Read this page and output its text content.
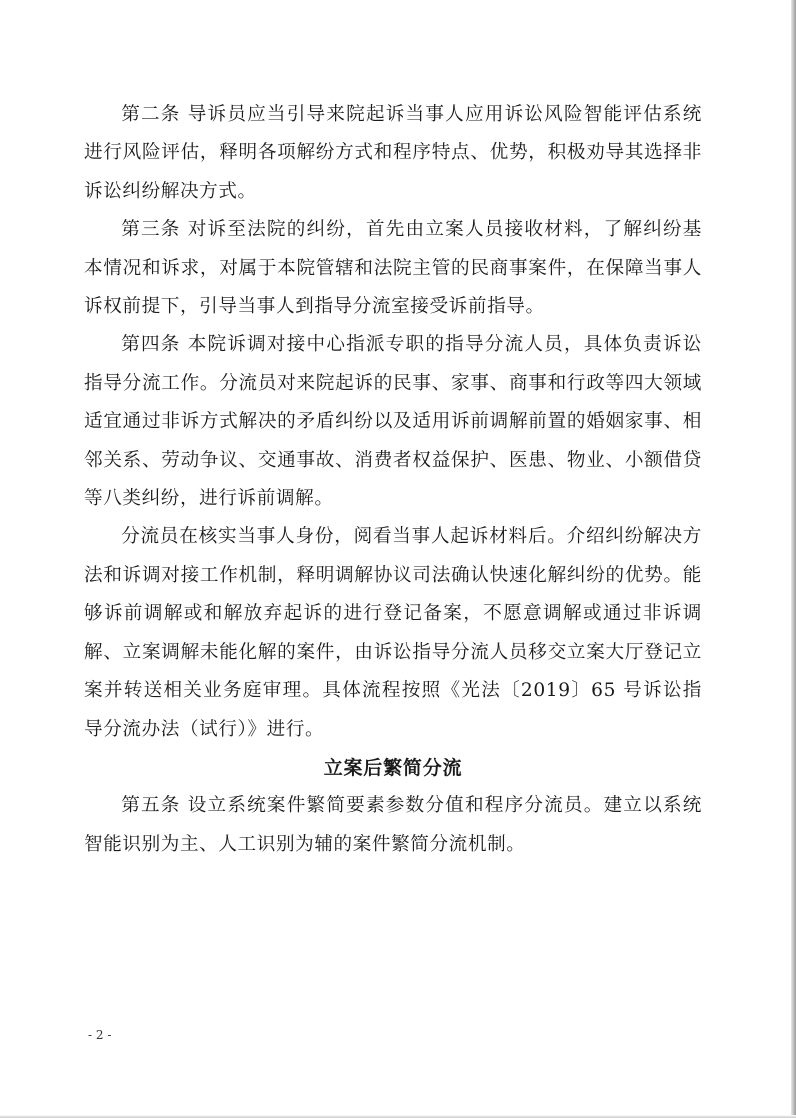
第二条 导诉员应当引导来院起诉当事人应用诉讼风险智能评估系统进行风险评估，释明各项解纷方式和程序特点、优势，积极劝导其选择非诉讼纠纷解决方式。

第三条 对诉至法院的纠纷，首先由立案人员接收材料，了解纠纷基本情况和诉求，对属于本院管辖和法院主管的民商事案件，在保障当事人诉权前提下，引导当事人到指导分流室接受诉前指导。

第四条 本院诉调对接中心指派专职的指导分流人员，具体负责诉讼指导分流工作。分流员对来院起诉的民事、家事、商事和行政等四大领域适宜通过非诉方式解决的矛盾纠纷以及适用诉前调解前置的婚姻家事、相邻关系、劳动争议、交通事故、消费者权益保护、医患、物业、小额借贷等八类纠纷，进行诉前调解。

分流员在核实当事人身份，阅看当事人起诉材料后。介绍纠纷解决方法和诉调对接工作机制，释明调解协议司法确认快速化解纠纷的优势。能够诉前调解或和解放弃起诉的进行登记备案，不愿意调解或通过非诉调解、立案调解未能化解的案件，由诉讼指导分流人员移交立案大厅登记立案并转送相关业务庭审理。具体流程按照《光法〔2019〕65 号诉讼指导分流办法（试行）》进行。

立案后繁简分流

第五条 设立系统案件繁简要素参数分值和程序分流员。建立以系统智能识别为主、人工识别为辅的案件繁简分流机制。

- 2 -
